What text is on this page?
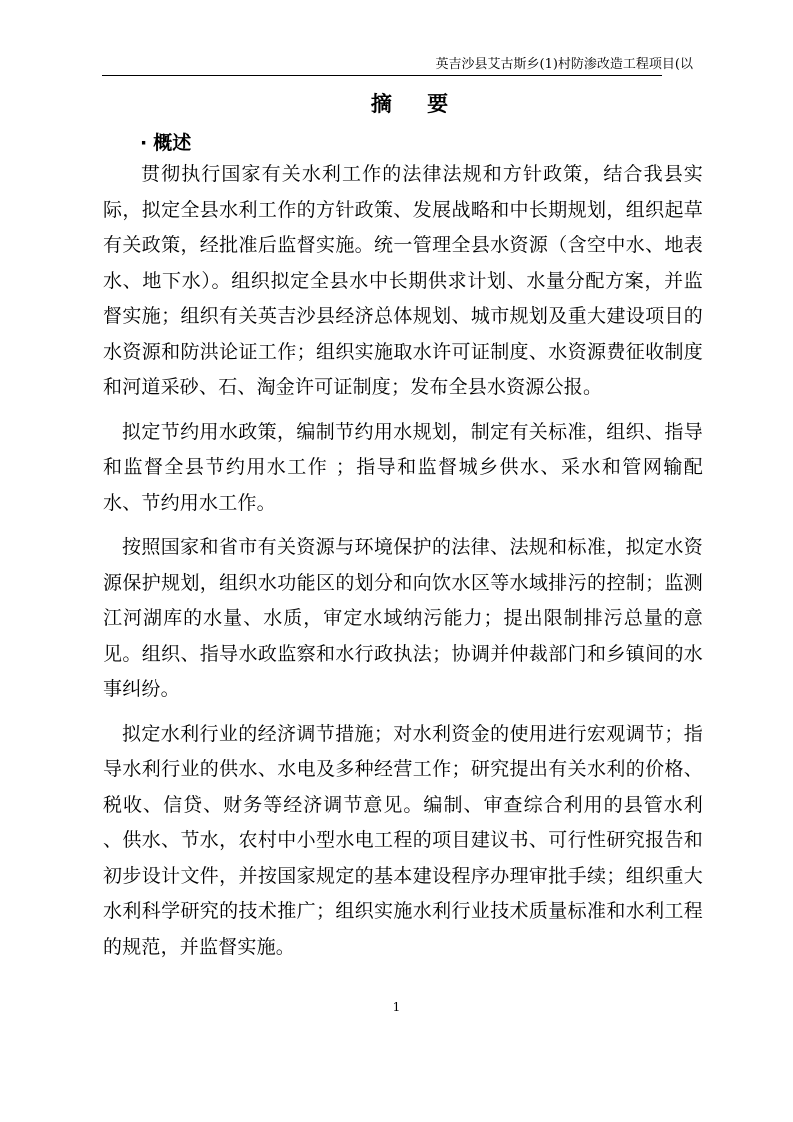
英吉沙县艾古斯乡(1)村防渗改造工程项目(以
摘 要
· 概述

贯彻执行国家有关水利工作的法律法规和方针政策，结合我县实际，拟定全县水利工作的方针政策、发展战略和中长期规划，组织起草有关政策，经批准后监督实施。统一管理全县水资源（含空中水、地表水、地下水）。组织拟定全县水中长期供求计划、水量分配方案，并监督实施；组织有关英吉沙县经济总体规划、城市规划及重大建设项目的水资源和防洪论证工作；组织实施取水许可证制度、水资源费征收制度和河道采砂、石、淘金许可证制度；发布全县水资源公报。

拟定节约用水政策，编制节约用水规划，制定有关标准，组织、指导和监督全县节约用水工作 ；指导和监督城乡供水、采水和管网输配水、节约用水工作。

按照国家和省市有关资源与环境保护的法律、法规和标准，拟定水资源保护规划，组织水功能区的划分和向饮水区等水域排污的控制；监测江河湖库的水量、水质，审定水域纳污能力；提出限制排污总量的意见。组织、指导水政监察和水行政执法；协调并仲裁部门和乡镇间的水事纠纷。

拟定水利行业的经济调节措施；对水利资金的使用进行宏观调节；指导水利行业的供水、水电及多种经营工作；研究提出有关水利的价格、税收、信贷、财务等经济调节意见。编制、审查综合利用的县管水利 、供水、节水，农村中小型水电工程的项目建议书、可行性研究报告和初步设计文件，并按国家规定的基本建设程序办理审批手续；组织重大水利科学研究的技术推广；组织实施水利行业技术质量标准和水利工程的规范，并监督实施。

1
